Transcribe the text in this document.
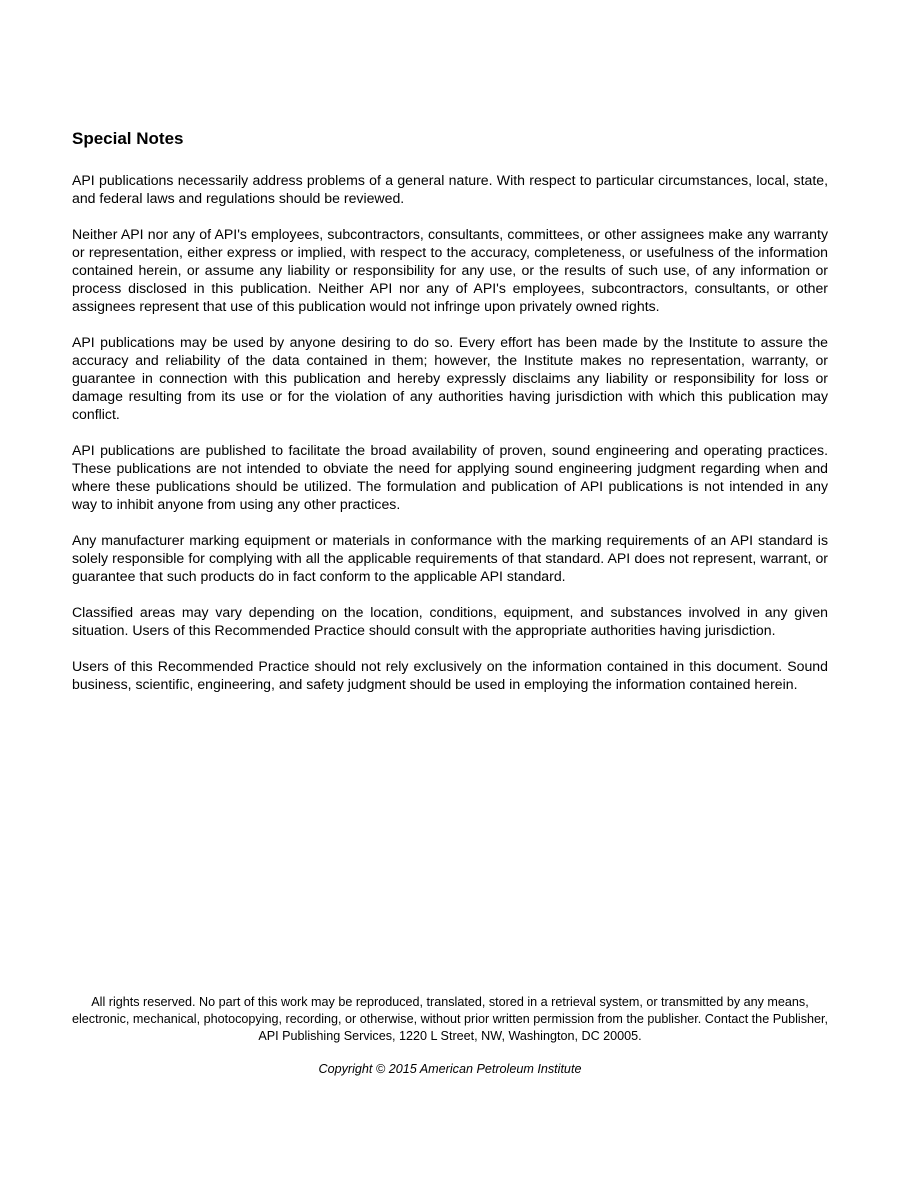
Special Notes

API publications necessarily address problems of a general nature. With respect to particular circumstances, local, state, and federal laws and regulations should be reviewed.

Neither API nor any of API's employees, subcontractors, consultants, committees, or other assignees make any warranty or representation, either express or implied, with respect to the accuracy, completeness, or usefulness of the information contained herein, or assume any liability or responsibility for any use, or the results of such use, of any information or process disclosed in this publication. Neither API nor any of API's employees, subcontractors, consultants, or other assignees represent that use of this publication would not infringe upon privately owned rights.

API publications may be used by anyone desiring to do so. Every effort has been made by the Institute to assure the accuracy and reliability of the data contained in them; however, the Institute makes no representation, warranty, or guarantee in connection with this publication and hereby expressly disclaims any liability or responsibility for loss or damage resulting from its use or for the violation of any authorities having jurisdiction with which this publication may conflict.

API publications are published to facilitate the broad availability of proven, sound engineering and operating practices. These publications are not intended to obviate the need for applying sound engineering judgment regarding when and where these publications should be utilized. The formulation and publication of API publications is not intended in any way to inhibit anyone from using any other practices.

Any manufacturer marking equipment or materials in conformance with the marking requirements of an API standard is solely responsible for complying with all the applicable requirements of that standard. API does not represent, warrant, or guarantee that such products do in fact conform to the applicable API standard.

Classified areas may vary depending on the location, conditions, equipment, and substances involved in any given situation. Users of this Recommended Practice should consult with the appropriate authorities having jurisdiction.

Users of this Recommended Practice should not rely exclusively on the information contained in this document. Sound business, scientific, engineering, and safety judgment should be used in employing the information contained herein.

All rights reserved. No part of this work may be reproduced, translated, stored in a retrieval system, or transmitted by any means, electronic, mechanical, photocopying, recording, or otherwise, without prior written permission from the publisher. Contact the Publisher, API Publishing Services, 1220 L Street, NW, Washington, DC 20005.

Copyright © 2015 American Petroleum Institute
